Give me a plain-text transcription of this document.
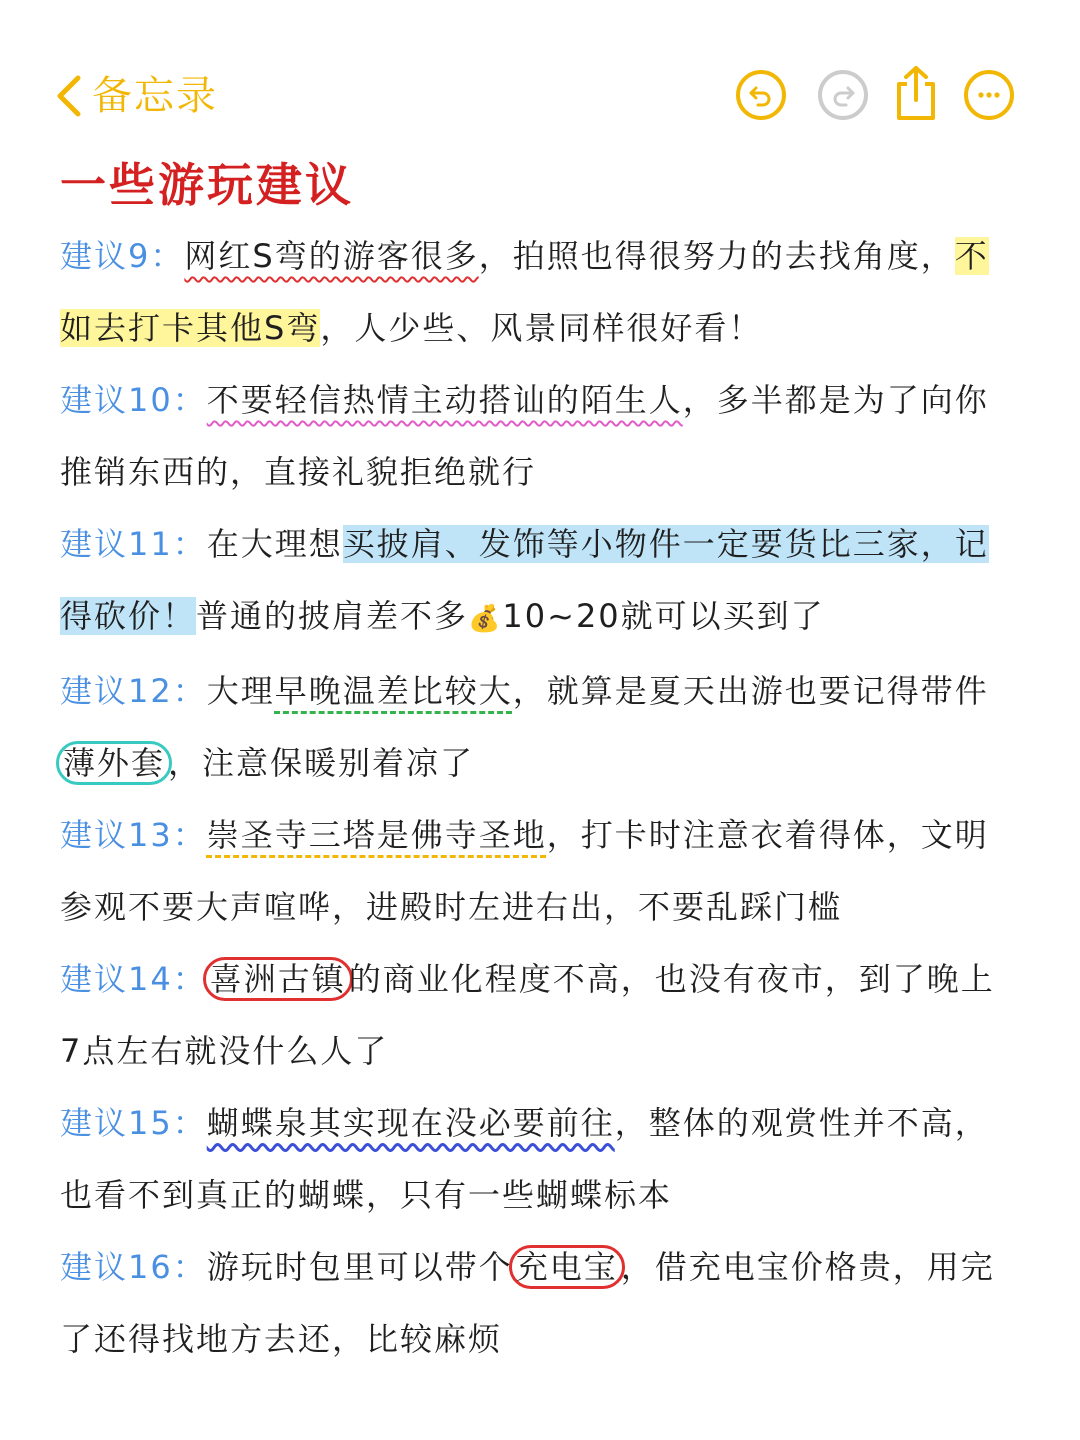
备忘录
一些游玩建议

建议9：网红S弯的游客很多，拍照也得很努力的去找角度，不如去打卡其他S弯，人少些、风景同样很好看！

建议10：不要轻信热情主动搭讪的陌生人，多半都是为了向你推销东西的，直接礼貌拒绝就行

建议11：在大理想买披肩、发饰等小物件一定要货比三家，记得砍价！普通的披肩差不多💰10~20就可以买到了

建议12：大理早晚温差比较大，就算是夏天出游也要记得带件薄外套，注意保暖别着凉了

建议13：崇圣寺三塔是佛寺圣地，打卡时注意衣着得体，文明参观不要大声喧哗，进殿时左进右出，不要乱踩门槛

建议14：喜洲古镇的商业化程度不高，也没有夜市，到了晚上7点左右就没什么人了

建议15：蝴蝶泉其实现在没必要前往，整体的观赏性并不高，也看不到真正的蝴蝶，只有一些蝴蝶标本

建议16：游玩时包里可以带个充电宝，借充电宝价格贵，用完了还得找地方去还，比较麻烦
